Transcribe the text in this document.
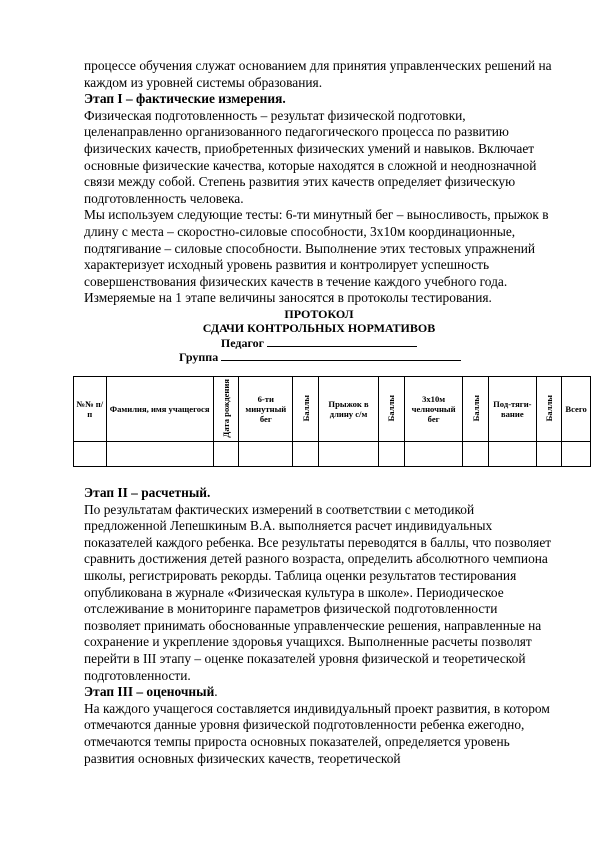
процессе обучения служат основанием для принятия управленческих решений на каждом из уровней системы образования.

Этап I – фактические измерения.

Физическая подготовленность – результат физической подготовки, целенаправленно организованного педагогического процесса по развитию физических качеств, приобретенных физических умений и навыков. Включает основные физические качества, которые находятся в сложной и неоднозначной связи между собой. Степень развития этих качеств определяет физическую подготовленность человека.

Мы используем следующие тесты: 6-ти минутный бег – выносливость, прыжок в длину с места – скоростно-силовые способности, 3х10м координационные, подтягивание – силовые способности. Выполнение этих тестовых упражнений характеризует исходный уровень развития и контролирует успешность совершенствования физических качеств в течение каждого учебного года.

Измеряемые на 1 этапе величины заносятся в протоколы тестирования.

ПРОТОКОЛ

СДАЧИ КОНТРОЛЬНЫХ НОРМАТИВОВ

Педагог

Группа

№№ п/п	Фамилия, имя учащегося	Дата рождения	6-ти минутный бег	Баллы	Прыжок в длину с/м	Баллы	3х10м челночный бег	Баллы	Под-тяги-вание	Баллы	Всего

Этап II – расчетный.

По результатам фактических измерений в соответствии с методикой предложенной Лепешкиным В.А. выполняется расчет индивидуальных показателей каждого ребенка. Все результаты переводятся в баллы, что позволяет сравнить достижения детей разного возраста, определить абсолютного чемпиона школы, регистрировать рекорды. Таблица оценки результатов тестирования опубликована в журнале «Физическая культура в школе». Периодическое отслеживание в мониторинге параметров физической подготовленности позволяет принимать обоснованные управленческие решения, направленные на сохранение и укрепление здоровья учащихся. Выполненные расчеты позволят перейти в III этапу – оценке показателей уровня физической и теоретической подготовленности.

Этап III – оценочный.

На каждого учащегося составляется индивидуальный проект развития, в котором отмечаются данные уровня физической подготовленности ребенка ежегодно, отмечаются темпы прироста основных показателей, определяется уровень развития основных физических качеств, теоретической
